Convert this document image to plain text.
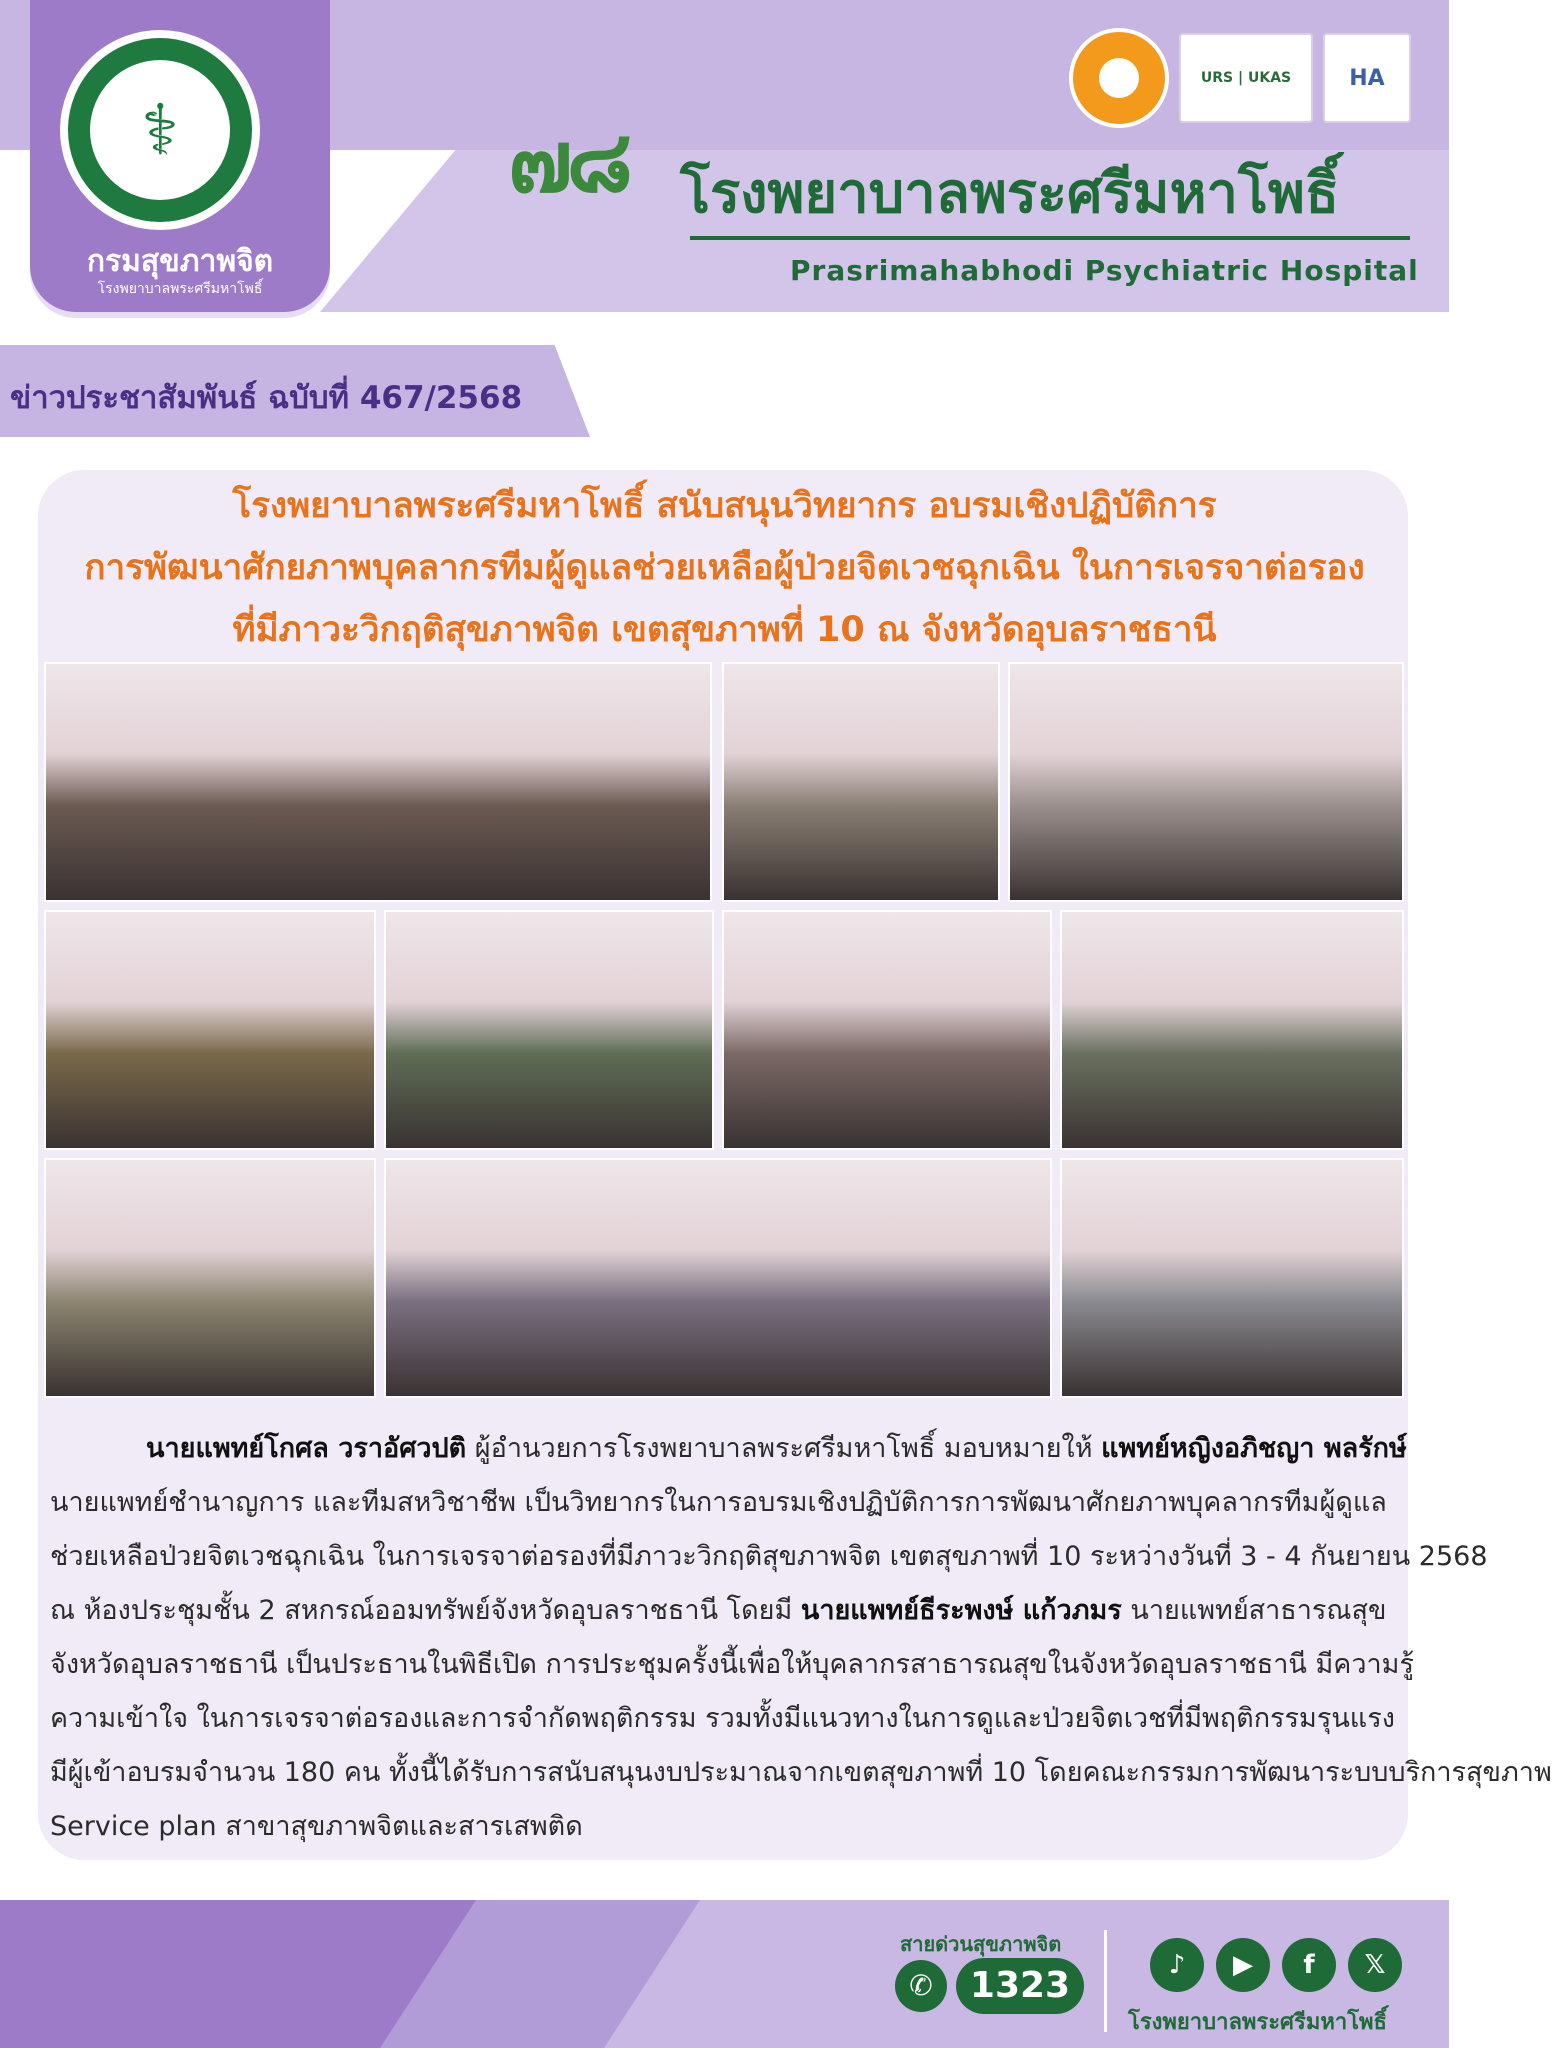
⚕
กรมสุขภาพจิต
โรงพยาบาลพระศรีมหาโพธิ์
URS | UKAS	HA
๗๘ โรงพยาบาลพระศรีมหาโพธิ์
Prasrimahabhodi Psychiatric Hospital
ข่าวประชาสัมพันธ์ ฉบับที่ 467/2568
โรงพยาบาลพระศรีมหาโพธิ์ สนับสนุนวิทยากร อบรมเชิงปฏิบัติการ
การพัฒนาศักยภาพบุคลากรทีมผู้ดูแลช่วยเหลือผู้ป่วยจิตเวชฉุกเฉิน ในการเจรจาต่อรอง
ที่มีภาวะวิกฤติสุขภาพจิต เขตสุขภาพที่ 10 ณ จังหวัดอุบลราชธานี
นายแพทย์โกศล วราอัศวปติ ผู้อำนวยการโรงพยาบาลพระศรีมหาโพธิ์ มอบหมายให้ แพทย์หญิงอภิชญา พลรักษ์
นายแพทย์ชำนาญการ และทีมสหวิชาชีพ เป็นวิทยากรในการอบรมเชิงปฏิบัติการการพัฒนาศักยภาพบุคลากรทีมผู้ดูแล
ช่วยเหลือป่วยจิตเวชฉุกเฉิน ในการเจรจาต่อรองที่มีภาวะวิกฤติสุขภาพจิต เขตสุขภาพที่ 10 ระหว่างวันที่ 3 - 4 กันยายน 2568
ณ ห้องประชุมชั้น 2 สหกรณ์ออมทรัพย์จังหวัดอุบลราชธานี โดยมี นายแพทย์ธีระพงษ์ แก้วภมร นายแพทย์สาธารณสุข
จังหวัดอุบลราชธานี เป็นประธานในพิธีเปิด การประชุมครั้งนี้เพื่อให้บุคลากรสาธารณสุขในจังหวัดอุบลราชธานี มีความรู้
ความเข้าใจ ในการเจรจาต่อรองและการจำกัดพฤติกรรม รวมทั้งมีแนวทางในการดูและป่วยจิตเวชที่มีพฤติกรรมรุนแรง
มีผู้เข้าอบรมจำนวน 180 คน ทั้งนี้ได้รับการสนับสนุนงบประมาณจากเขตสุขภาพที่ 10 โดยคณะกรรมการพัฒนาระบบบริการสุขภาพ
Service plan สาขาสุขภาพจิตและสารเสพติด
สายด่วนสุขภาพจิต
✆	1323	♪	▶	f	𝕏
โรงพยาบาลพระศรีมหาโพธิ์
